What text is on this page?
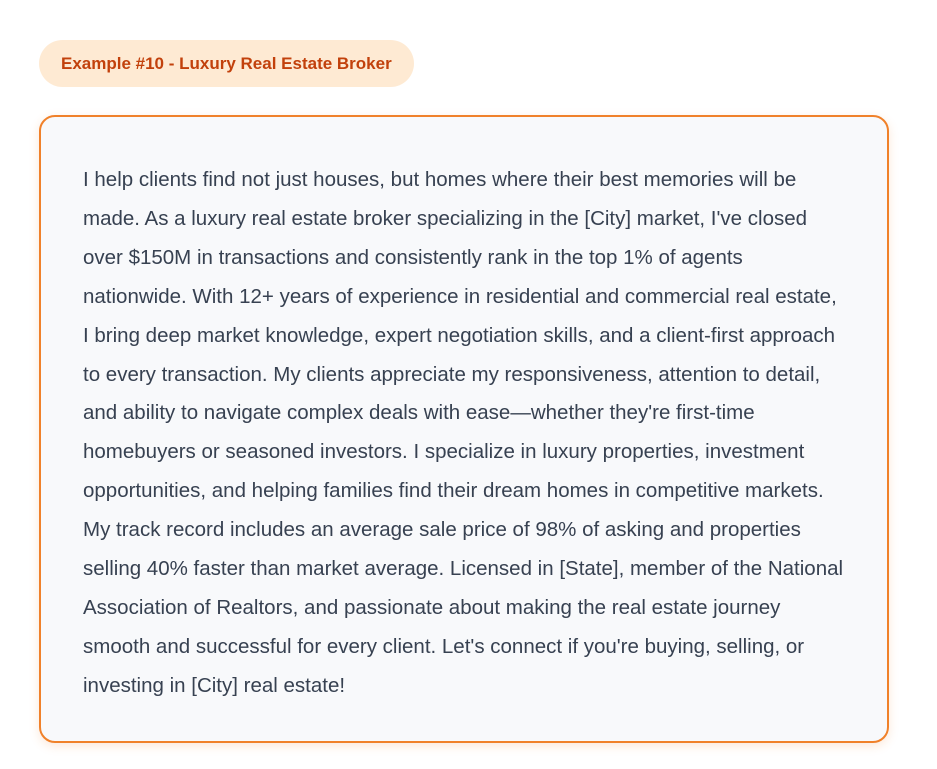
Example #10 - Luxury Real Estate Broker

I help clients find not just houses, but homes where their best memories will be made. As a luxury real estate broker specializing in the [City] market, I've closed over $150M in transactions and consistently rank in the top 1% of agents nationwide. With 12+ years of experience in residential and commercial real estate, I bring deep market knowledge, expert negotiation skills, and a client-first approach to every transaction. My clients appreciate my responsiveness, attention to detail, and ability to navigate complex deals with ease—whether they're first-time homebuyers or seasoned investors. I specialize in luxury properties, investment opportunities, and helping families find their dream homes in competitive markets. My track record includes an average sale price of 98% of asking and properties selling 40% faster than market average. Licensed in [State], member of the National Association of Realtors, and passionate about making the real estate journey smooth and successful for every client. Let's connect if you're buying, selling, or investing in [City] real estate!
